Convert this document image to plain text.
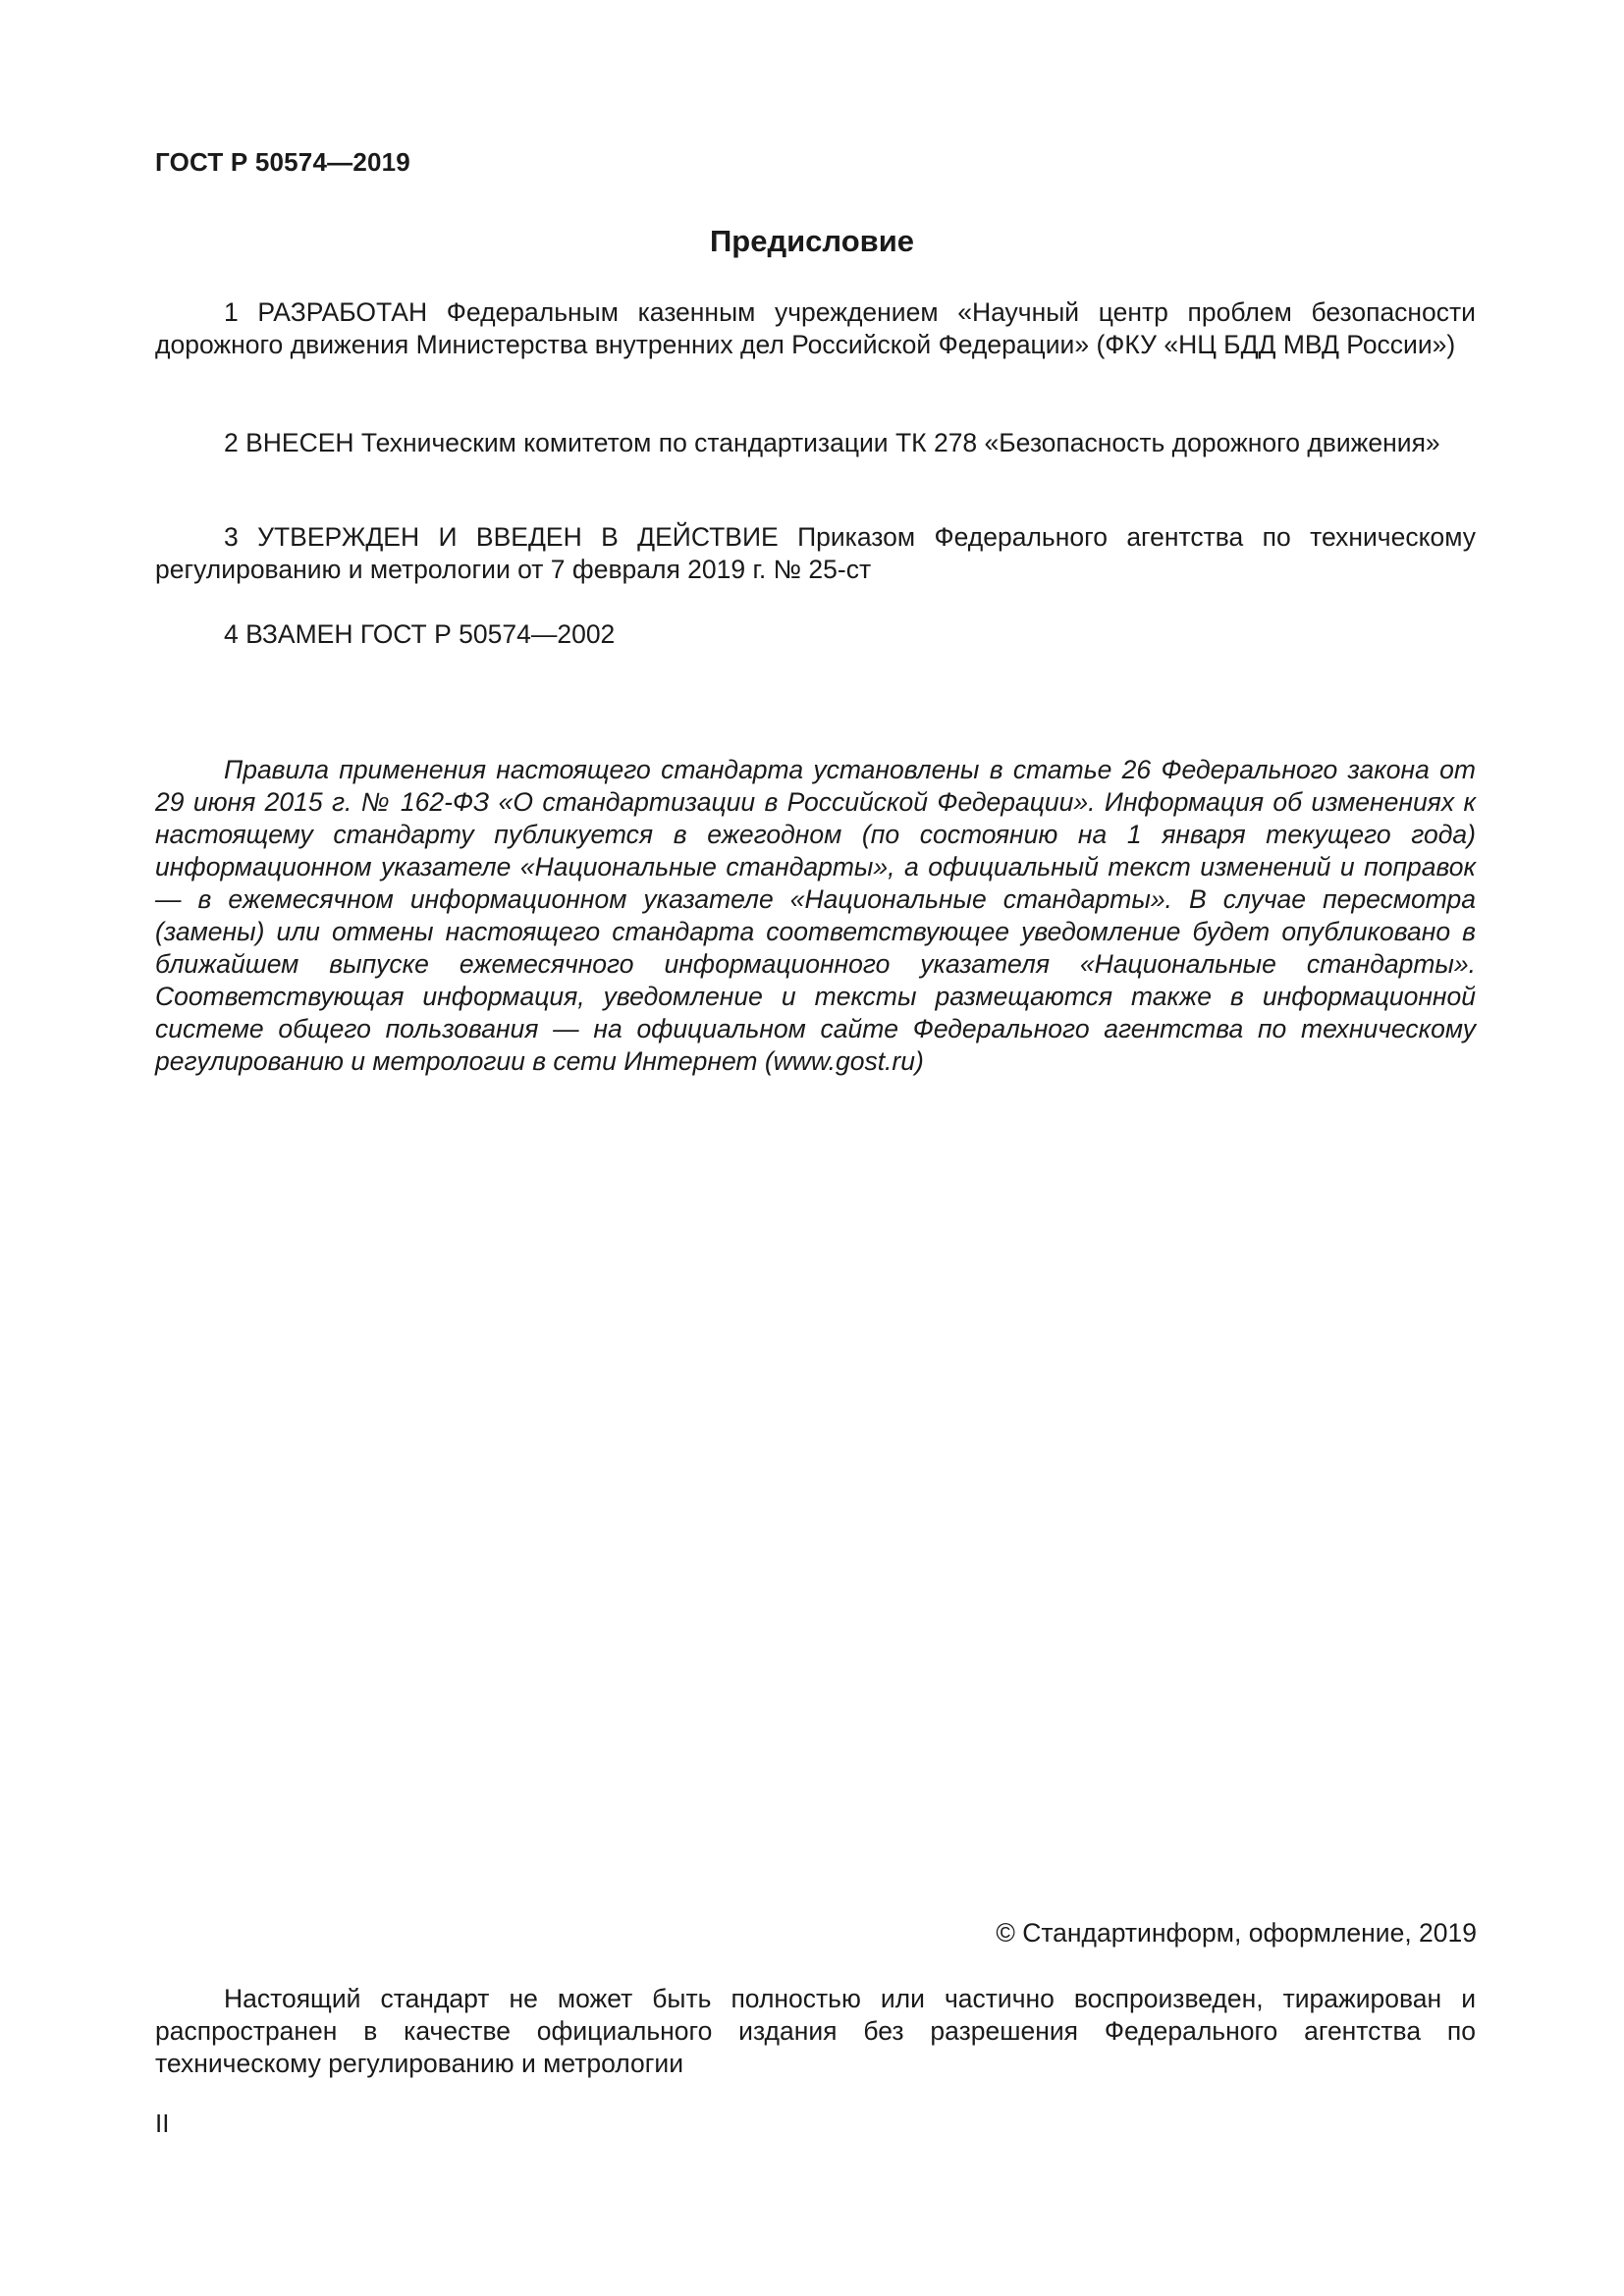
ГОСТ Р 50574—2019
Предисловие

1 РАЗРАБОТАН Федеральным казенным учреждением «Научный центр проблем безопасности дорожного движения Министерства внутренних дел Российской Федерации» (ФКУ «НЦ БДД МВД России»)

2 ВНЕСЕН Техническим комитетом по стандартизации ТК 278 «Безопасность дорожного движения»

3 УТВЕРЖДЕН И ВВЕДЕН В ДЕЙСТВИЕ Приказом Федерального агентства по техническому регулированию и метрологии от 7 февраля 2019 г. № 25-ст

4 ВЗАМЕН ГОСТ Р 50574—2002

Правила применения настоящего стандарта установлены в статье 26 Федерального закона от 29 июня 2015 г. № 162-ФЗ «О стандартизации в Российской Федерации». Информация об изменениях к настоящему стандарту публикуется в ежегодном (по состоянию на 1 января текущего года) информационном указателе «Национальные стандарты», а официальный текст изменений и поправок — в ежемесячном информационном указателе «Национальные стандарты». В случае пересмотра (замены) или отмены настоящего стандарта соответствующее уведомление будет опубликовано в ближайшем выпуске ежемесячного информационного указателя «Национальные стандарты». Соответствующая информация, уведомление и тексты размещаются также в информационной системе общего пользования — на официальном сайте Федерального агентства по техническому регулированию и метрологии в сети Интернет (www.gost.ru)

© Стандартинформ, оформление, 2019

Настоящий стандарт не может быть полностью или частично воспроизведен, тиражирован и распространен в качестве официального издания без разрешения Федерального агентства по техническому регулированию и метрологии

II
